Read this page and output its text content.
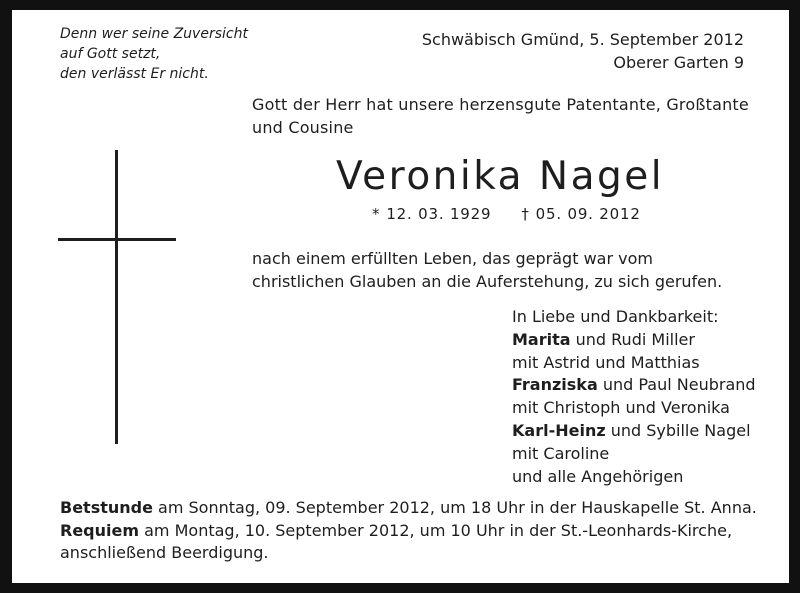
Denn wer seine Zuversicht
auf Gott setzt,
den verlässt Er nicht.
Schwäbisch Gmünd, 5. September 2012
Oberer Garten 9
Gott der Herr hat unsere herzensgute Patentante, Großtante
und Cousine
Veronika Nagel
* 12. 03. 1929 † 05. 09. 2012
nach einem erfüllten Leben, das geprägt war vom
christlichen Glauben an die Auferstehung, zu sich gerufen.
In Liebe und Dankbarkeit:
Marita und Rudi Miller
mit Astrid und Matthias
Franziska und Paul Neubrand
mit Christoph und Veronika
Karl-Heinz und Sybille Nagel
mit Caroline
und alle Angehörigen
Betstunde am Sonntag, 09. September 2012, um 18 Uhr in der Hauskapelle St. Anna.
Requiem am Montag, 10. September 2012, um 10 Uhr in der St.-Leonhards-Kirche,
anschließend Beerdigung.
